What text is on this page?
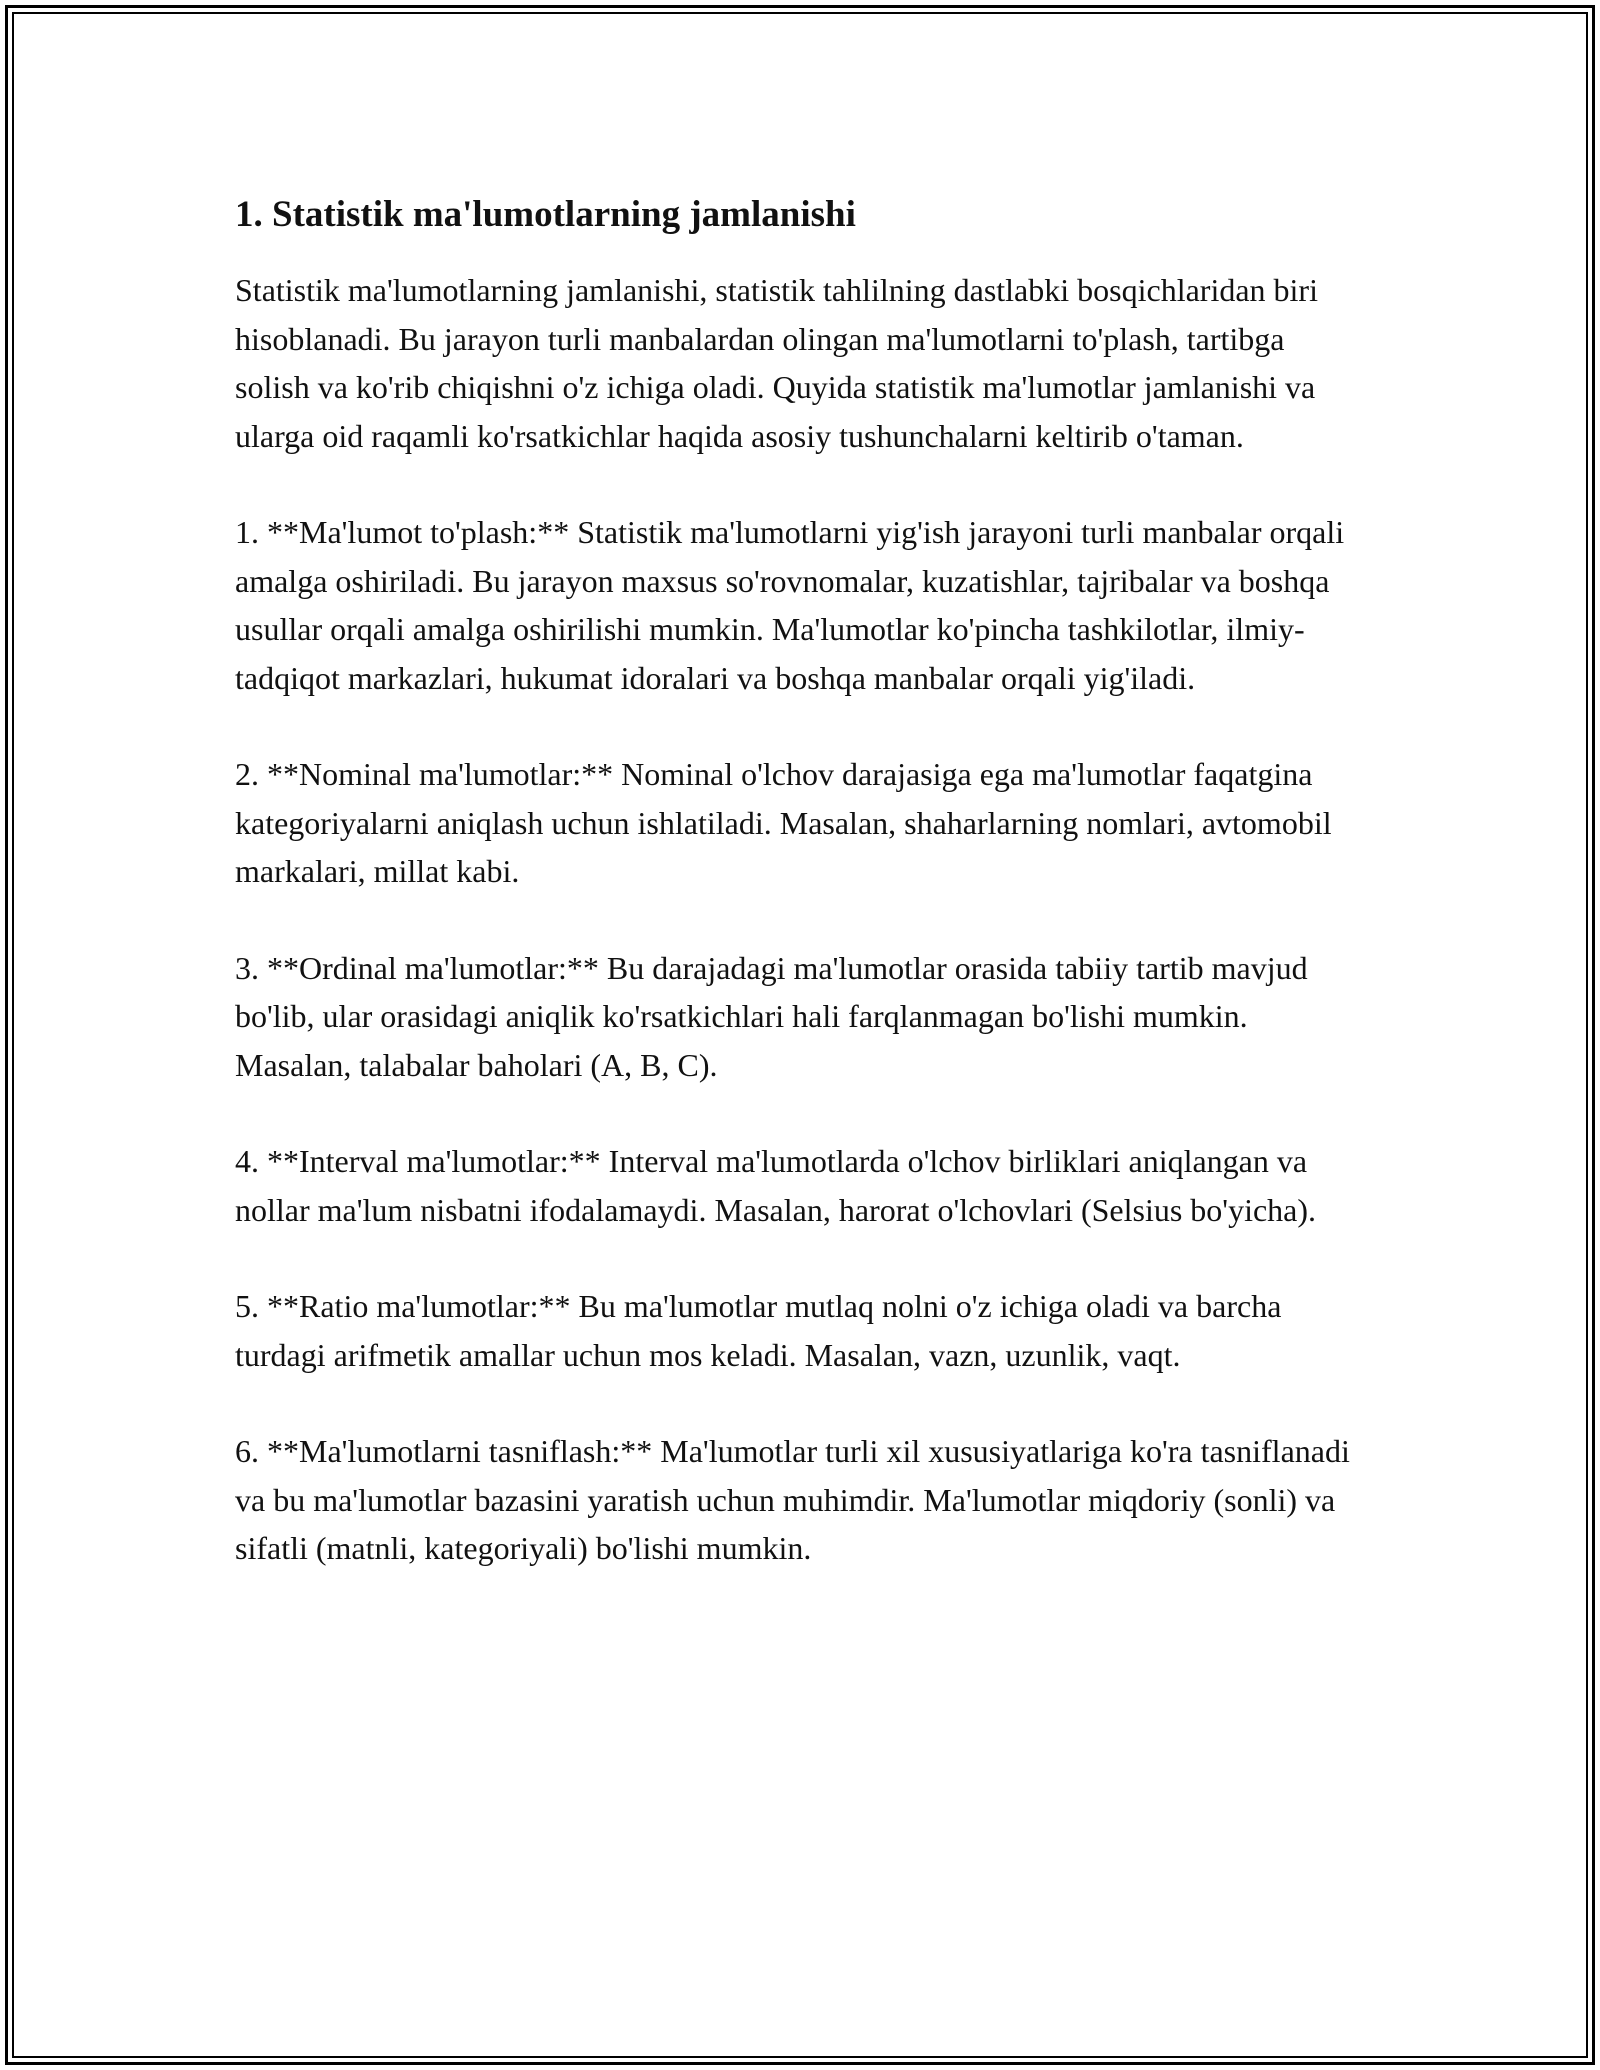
1. Statistik ma'lumotlarning jamlanishi

Statistik ma'lumotlarning jamlanishi, statistik tahlilning dastlabki bosqichlaridan biri hisoblanadi. Bu jarayon turli manbalardan olingan ma'lumotlarni to'plash, tartibga solish va ko'rib chiqishni o'z ichiga oladi. Quyida statistik ma'lumotlar jamlanishi va ularga oid raqamli ko'rsatkichlar haqida asosiy tushunchalarni keltirib o'taman.

1. **Ma'lumot to'plash:** Statistik ma'lumotlarni yig'ish jarayoni turli manbalar orqali amalga oshiriladi. Bu jarayon maxsus so'rovnomalar, kuzatishlar, tajribalar va boshqa usullar orqali amalga oshirilishi mumkin. Ma'lumotlar ko'pincha tashkilotlar, ilmiy-tadqiqot markazlari, hukumat idoralari va boshqa manbalar orqali yig'iladi.

2. **Nominal ma'lumotlar:** Nominal o'lchov darajasiga ega ma'lumotlar faqatgina kategoriyalarni aniqlash uchun ishlatiladi. Masalan, shaharlarning nomlari, avtomobil markalari, millat kabi.

3. **Ordinal ma'lumotlar:** Bu darajadagi ma'lumotlar orasida tabiiy tartib mavjud bo'lib, ular orasidagi aniqlik ko'rsatkichlari hali farqlanmagan bo'lishi mumkin. Masalan, talabalar baholari (A, B, C).

4. **Interval ma'lumotlar:** Interval ma'lumotlarda o'lchov birliklari aniqlangan va nollar ma'lum nisbatni ifodalamaydi. Masalan, harorat o'lchovlari (Selsius bo'yicha).

5. **Ratio ma'lumotlar:** Bu ma'lumotlar mutlaq nolni o'z ichiga oladi va barcha turdagi arifmetik amallar uchun mos keladi. Masalan, vazn, uzunlik, vaqt.

6. **Ma'lumotlarni tasniflash:** Ma'lumotlar turli xil xususiyatlariga ko'ra tasniflanadi va bu ma'lumotlar bazasini yaratish uchun muhimdir. Ma'lumotlar miqdoriy (sonli) va sifatli (matnli, kategoriyali) bo'lishi mumkin.
